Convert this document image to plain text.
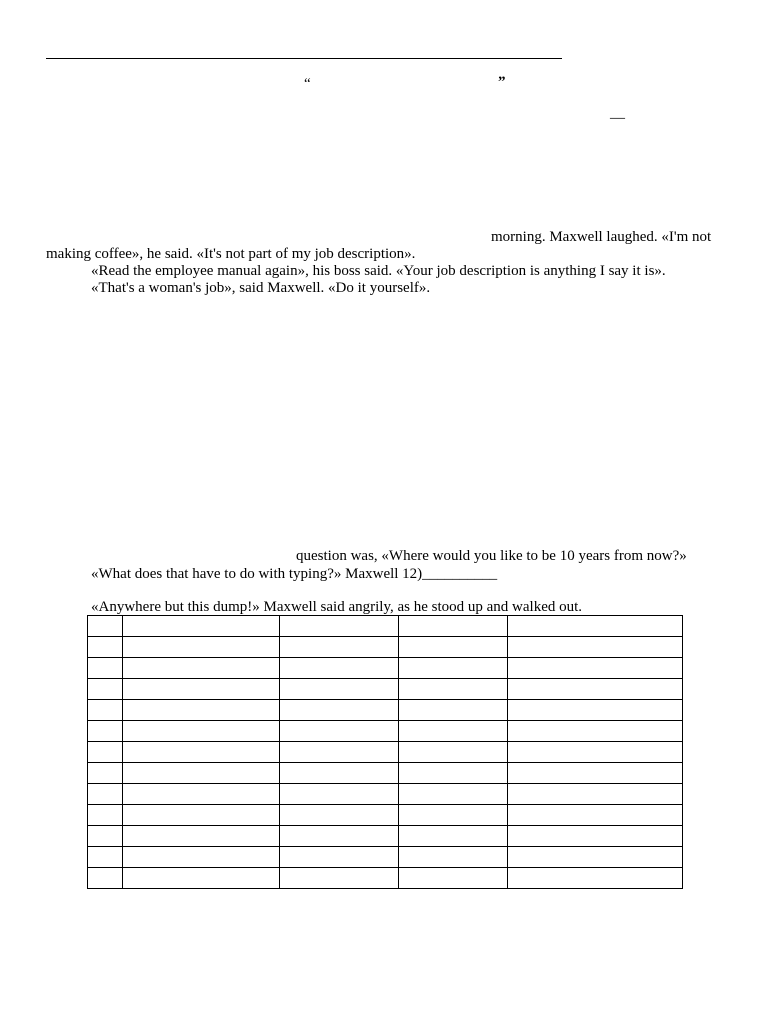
“	”
—
morning. Maxwell laughed. «I'm not
making coffee», he said. «It's not part of my job description».
«Read the employee manual again», his boss said. «Your job description is anything I say it is».
«That's a woman's job», said Maxwell. «Do it yourself».
question was, «Where would you like to be 10 years from now?»
«What does that have to do with typing?» Maxwell 12)__________
«Anywhere but this dump!» Maxwell said angrily, as he stood up and walked out.
